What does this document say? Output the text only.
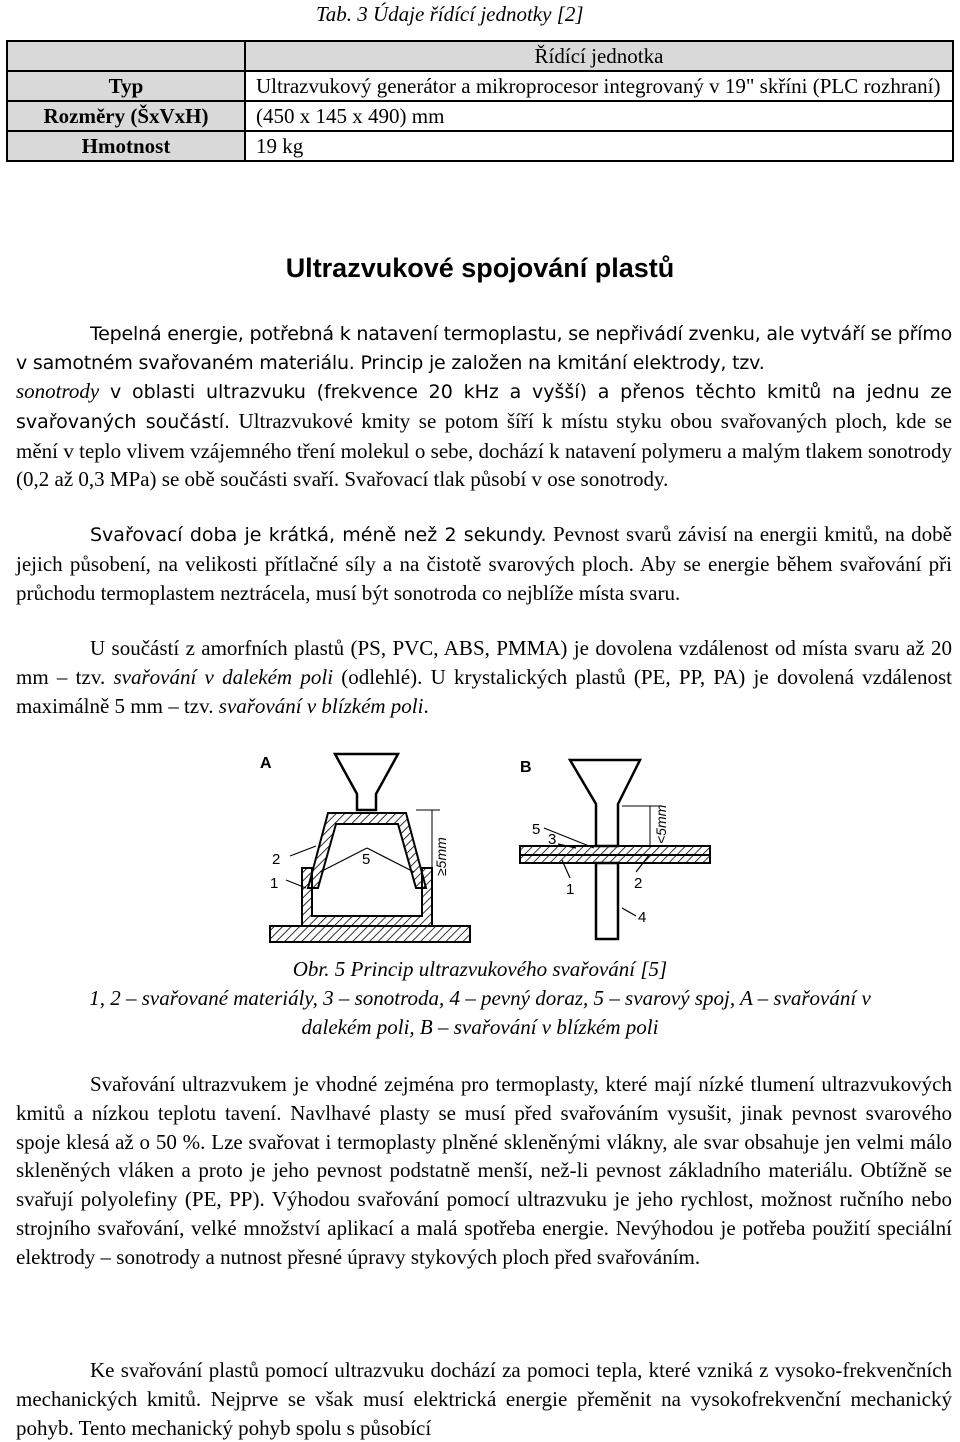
Tab. 3 Údaje řídící jednotky [2]
	Řídící jednotka
Typ	Ultrazvukový generátor a mikroprocesor integrovaný v 19" skříni (PLC rozhraní)
Rozměry (ŠxVxH)	(450 x 145 x 490) mm
Hmotnost	19 kg
Ultrazvukové spojování plastů

Tepelná energie, potřebná k natavení termoplastu, se nepřivádí zvenku, ale vytváří se přímo v samotném svařovaném materiálu. Princip je založen na kmitání elektrody, tzv.

sonotrody v oblasti ultrazvuku (frekvence 20 kHz a vyšší) a přenos těchto kmitů na jednu ze svařovaných součástí. Ultrazvukové kmity se potom šíří k místu styku obou svařovaných ploch, kde se mění v teplo vlivem vzájemného tření molekul o sebe, dochází k natavení polymeru a malým tlakem sonotrody (0,2 až 0,3 MPa) se obě součásti svaří. Svařovací tlak působí v ose sonotrody.

Svařovací doba je krátká, méně než 2 sekundy. Pevnost svarů závisí na energii kmitů, na době jejich působení, na velikosti přítlačné síly a na čistotě svarových ploch. Aby se energie během svařování při průchodu termoplastem neztrácela, musí být sonotroda co nejblíže místa svaru.

U součástí z amorfních plastů (PS, PVC, ABS, PMMA) je dovolena vzdálenost od místa svaru až 20 mm – tzv. svařování v dalekém poli (odlehlé). U krystalických plastů (PE, PP, PA) je dovolená vzdálenost maximálně 5 mm – tzv. svařování v blízkém poli.

A
5
2
1
≥5mm
B
5
3
1	2
4
<5mm
Obr. 5 Princip ultrazvukového svařování [5]
1, 2 – svařované materiály, 3 – sonotroda, 4 – pevný doraz, 5 – svarový spoj, A – svařování v
dalekém poli, B – svařování v blízkém poli

Svařování ultrazvukem je vhodné zejména pro termoplasty, které mají nízké tlumení ultrazvukových kmitů a nízkou teplotu tavení. Navlhavé plasty se musí před svařováním vysušit, jinak pevnost svarového spoje klesá až o 50 %. Lze svařovat i termoplasty plněné skleněnými vlákny, ale svar obsahuje jen velmi málo skleněných vláken a proto je jeho pevnost podstatně menší, než-li pevnost základního materiálu. Obtížně se svařují polyolefiny (PE, PP). Výhodou svařování pomocí ultrazvuku je jeho rychlost, možnost ručního nebo strojního svařování, velké množství aplikací a malá spotřeba energie. Nevýhodou je potřeba použití speciální elektrody – sonotrody a nutnost přesné úpravy stykových ploch před svařováním.

Ke svařování plastů pomocí ultrazvuku dochází za pomoci tepla, které vzniká z vysoko-frekvenčních mechanických kmitů. Nejprve se však musí elektrická energie přeměnit na vysokofrekvenční mechanický pohyb. Tento mechanický pohyb spolu s působící
